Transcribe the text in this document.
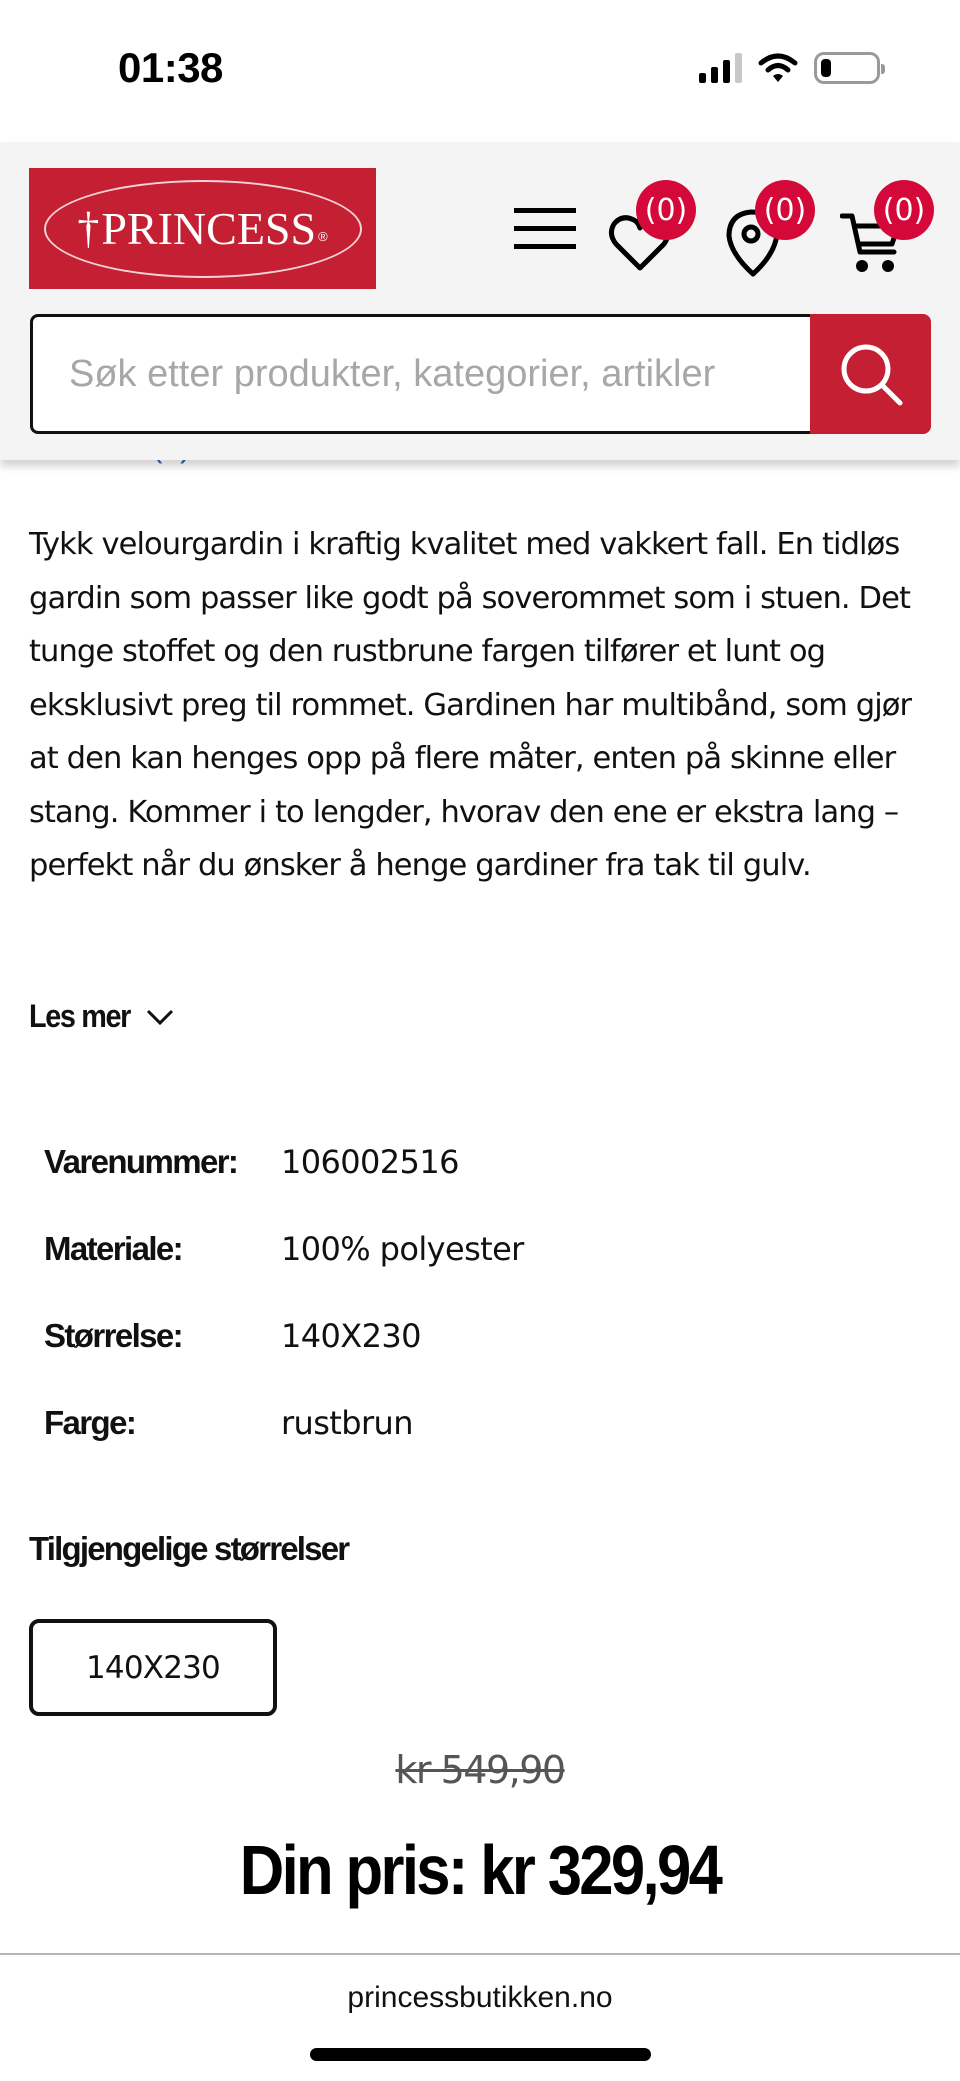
01:38
† PRINCESS ®
(0)	(0)	(0)
Søk etter produkter, kategorier, artikler

Tykk velourgardin i kraftig kvalitet med vakkert fall. En tidløs gardin som passer like godt på soverommet som i stuen. Det tunge stoffet og den rustbrune fargen tilfører et lunt og eksklusivt preg til rommet. Gardinen har multibånd, som gjør at den kan henges opp på flere måter, enten på skinne eller stang. Kommer i to lengder, hvorav den ene er ekstra lang – perfekt når du ønsker å henge gardiner fra tak til gulv.

Les mer
Varenummer:	106002516
Materiale:	100% polyester
Størrelse:	140X230
Farge:	rustbrun
Tilgjengelige størrelser
140X230
kr 549,90
Din pris: kr 329,94
princessbutikken.no
